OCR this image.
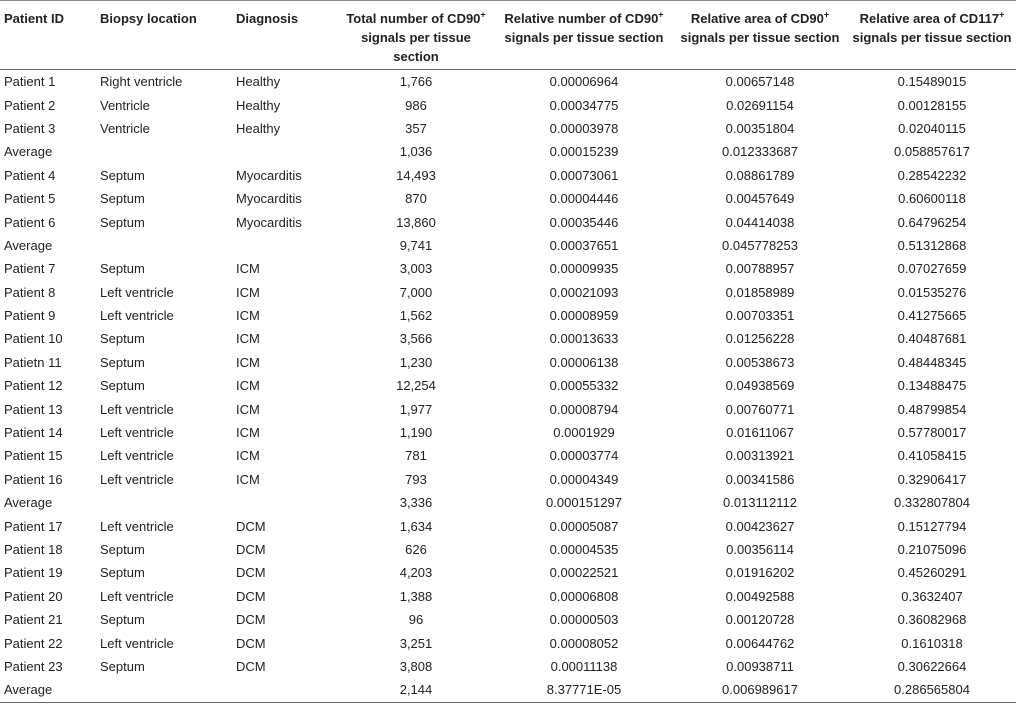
Patient ID	Biopsy location	Diagnosis	Total number of CD90+ signals per tissue section	Relative number of CD90+ signals per tissue section	Relative area of CD90+ signals per tissue section	Relative area of CD117+ signals per tissue section
Patient 1	Right ventricle	Healthy	1,766	0.00006964	0.00657148	0.15489015
Patient 2	Ventricle	Healthy	986	0.00034775	0.02691154	0.00128155
Patient 3	Ventricle	Healthy	357	0.00003978	0.00351804	0.02040115
Average			1,036	0.00015239	0.012333687	0.058857617
Patient 4	Septum	Myocarditis	14,493	0.00073061	0.08861789	0.28542232
Patient 5	Septum	Myocarditis	870	0.00004446	0.00457649	0.60600118
Patient 6	Septum	Myocarditis	13,860	0.00035446	0.04414038	0.64796254
Average			9,741	0.00037651	0.045778253	0.51312868
Patient 7	Septum	ICM	3,003	0.00009935	0.00788957	0.07027659
Patient 8	Left ventricle	ICM	7,000	0.00021093	0.01858989	0.01535276
Patient 9	Left ventricle	ICM	1,562	0.00008959	0.00703351	0.41275665
Patient 10	Septum	ICM	3,566	0.00013633	0.01256228	0.40487681
Patietn 11	Septum	ICM	1,230	0.00006138	0.00538673	0.48448345
Patient 12	Septum	ICM	12,254	0.00055332	0.04938569	0.13488475
Patient 13	Left ventricle	ICM	1,977	0.00008794	0.00760771	0.48799854
Patient 14	Left ventricle	ICM	1,190	0.0001929	0.01611067	0.57780017
Patient 15	Left ventricle	ICM	781	0.00003774	0.00313921	0.41058415
Patient 16	Left ventricle	ICM	793	0.00004349	0.00341586	0.32906417
Average			3,336	0.000151297	0.013112112	0.332807804
Patient 17	Left ventricle	DCM	1,634	0.00005087	0.00423627	0.15127794
Patient 18	Septum	DCM	626	0.00004535	0.00356114	0.21075096
Patient 19	Septum	DCM	4,203	0.00022521	0.01916202	0.45260291
Patient 20	Left ventricle	DCM	1,388	0.00006808	0.00492588	0.3632407
Patient 21	Septum	DCM	96	0.00000503	0.00120728	0.36082968
Patient 22	Left ventricle	DCM	3,251	0.00008052	0.00644762	0.1610318
Patient 23	Septum	DCM	3,808	0.00011138	0.00938711	0.30622664
Average			2,144	8.37771E-05	0.006989617	0.286565804
